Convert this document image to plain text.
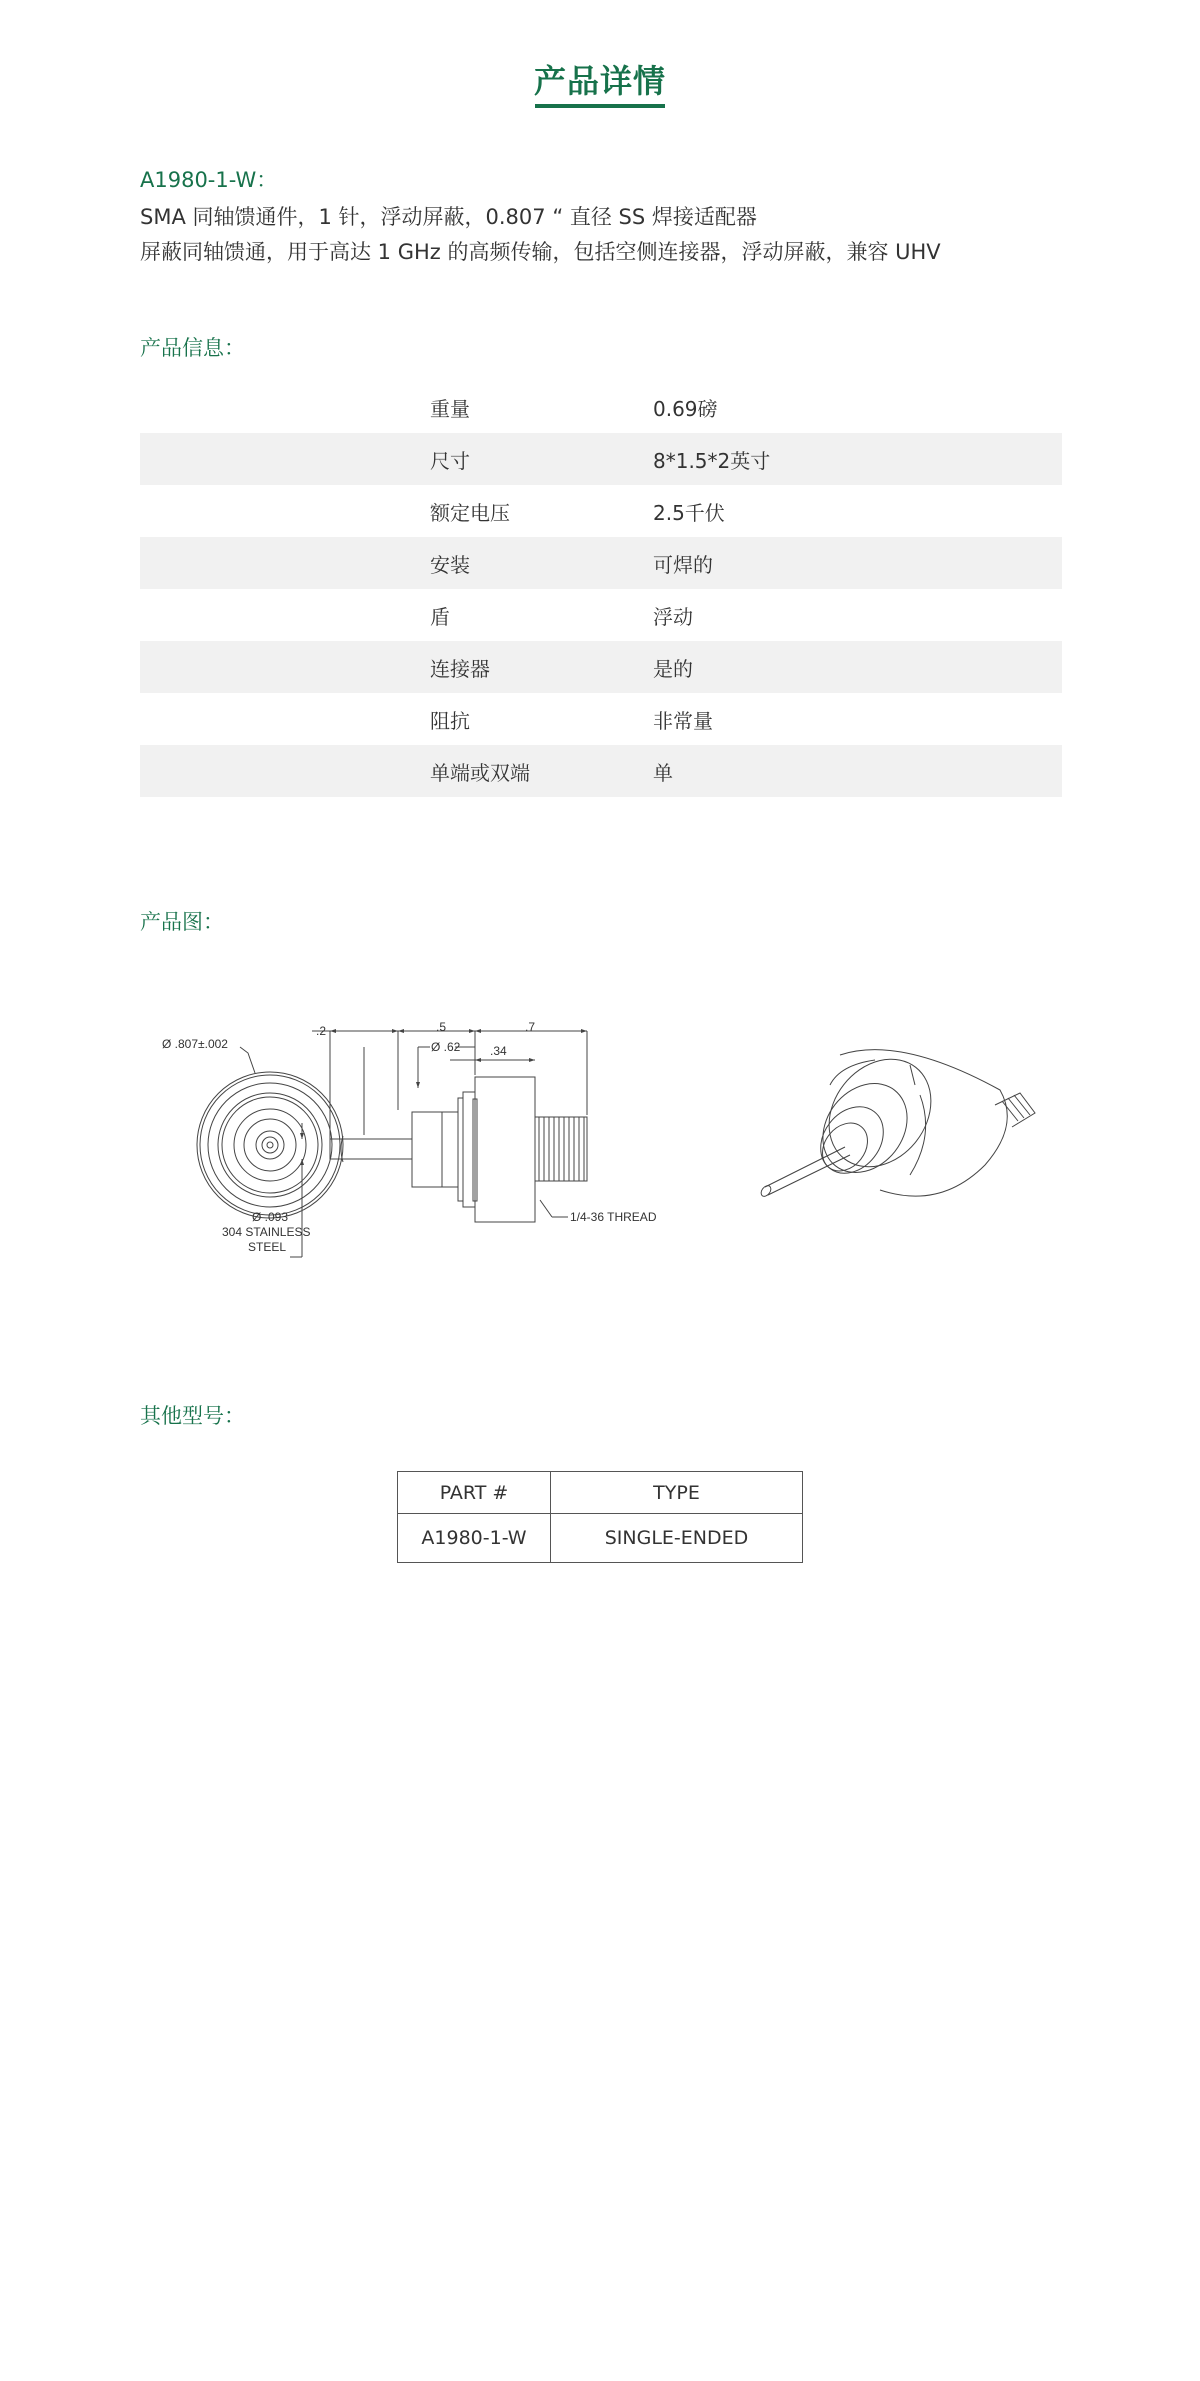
产品详情
A1980-1-W：
SMA 同轴馈通件，1 针，浮动屏蔽，0.807 “ 直径 SS 焊接适配器
屏蔽同轴馈通，用于高达 1 GHz 的高频传输，包括空侧连接器，浮动屏蔽，兼容 UHV
产品信息：
	重量	0.69磅
	尺寸	8*1.5*2英寸
	额定电压	2.5千伏
	安装	可焊的
	盾	浮动
	连接器	是的
	阻抗	非常量
	单端或双端	单
产品图：
Ø .807±.002
.5
.2	.7
Ø .62 .34
Ø .093
304 STAINLESS
STEEL
1/4-36 THREAD
其他型号：
PART #	TYPE
A1980-1-W	SINGLE-ENDED
